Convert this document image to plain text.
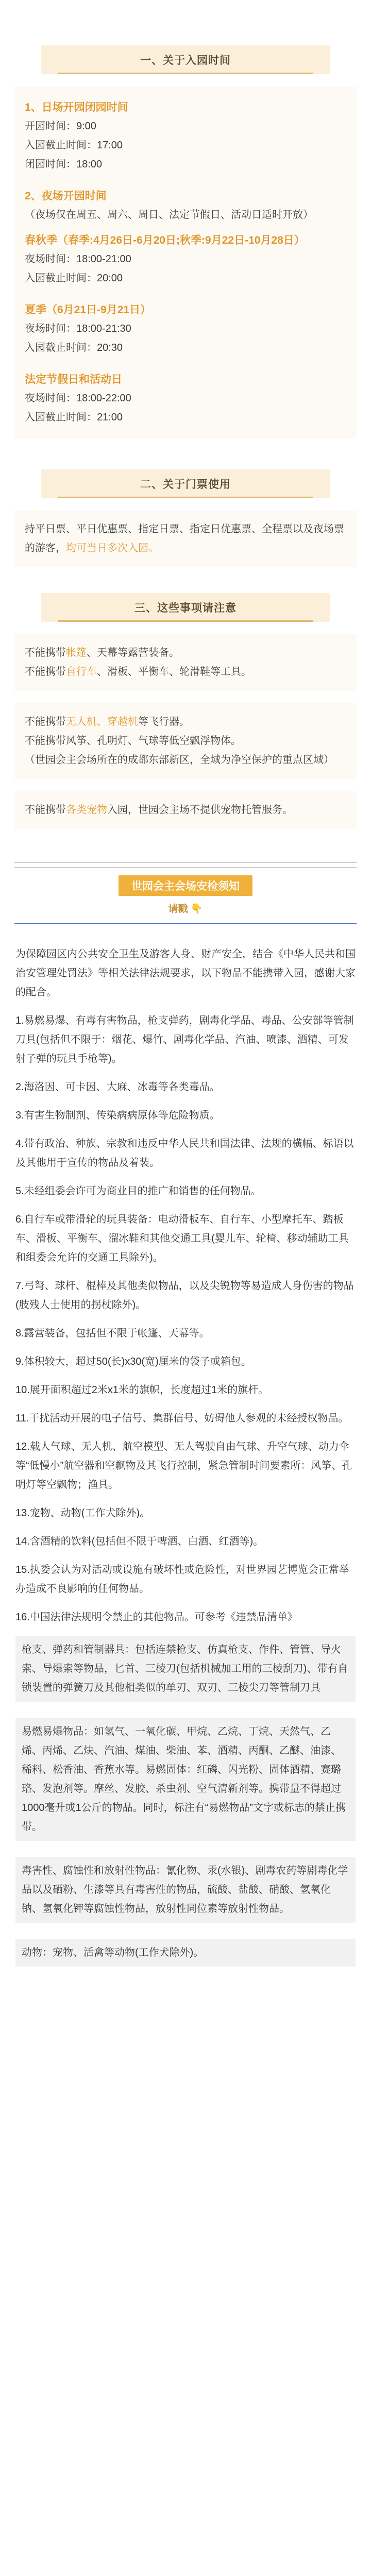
一、关于入园时间
1、日场开园闭园时间
开园时间：9:00
入园截止时间：17:00
闭园时间：18:00
2、夜场开园时间
（夜场仅在周五、周六、周日、法定节假日、活动日适时开放）
春秋季（春季:4月26日-6月20日;秋季:9月22日-10月28日）
夜场时间：18:00-21:00
入园截止时间：20:00
夏季（6月21日-9月21日）
夜场时间：18:00-21:30
入园截止时间：20:30
法定节假日和活动日
夜场时间：18:00-22:00
入园截止时间：21:00
二、关于门票使用
持平日票、平日优惠票、指定日票、指定日优惠票、全程票以及夜场票的游客，均可当日多次入园。
三、这些事项请注意
不能携带帐篷、天幕等露营装备。
不能携带自行车、滑板、平衡车、轮滑鞋等工具。
不能携带无人机、穿越机等飞行器。
不能携带风筝、孔明灯、气球等低空飘浮物体。
（世园会主会场所在的成都东部新区，全域为净空保护的重点区域）
不能携带各类宠物入园，世园会主场不提供宠物托管服务。
世园会主会场安检须知
请戳 👇

为保障园区内公共安全卫生及游客人身、财产安全，结合《中华人民共和国治安管理处罚法》等相关法律法规要求，以下物品不能携带入园，感谢大家的配合。

1.易燃易爆、有毒有害物品，枪支弹药，剧毒化学品、毒品、公安部等管制刀具(包括但不限于：烟花、爆竹、剧毒化学品、汽油、喷漆、酒精、可发射子弹的玩具手枪等)。

2.海洛因、可卡因、大麻、冰毒等各类毒品。

3.有害生物制剂、传染病病原体等危险物质。

4.带有政治、种族、宗教和违反中华人民共和国法律、法规的横幅、标语以及其他用于宣传的物品及着装。

5.未经组委会许可为商业目的推广和销售的任何物品。

6.自行车或带滑轮的玩具装备：电动滑板车、自行车、小型摩托车、踏板车、滑板、平衡车、溜冰鞋和其他交通工具(婴儿车、轮椅、移动辅助工具和组委会允许的交通工具除外)。

7.弓弩、球杆、棍棒及其他类似物品，以及尖锐物等易造成人身伤害的物品(肢残人士使用的拐杖除外)。

8.露营装备，包括但不限于帐篷、天幕等。

9.体积较大，超过50(长)x30(宽)厘米的袋子或箱包。

10.展开面积超过2米x1米的旗帜，长度超过1米的旗杆。

11.干扰活动开展的电子信号、集群信号、妨碍他人参观的未经授权物品。

12.载人气球、无人机、航空模型、无人驾驶自由气球、升空气球、动力伞等“低慢小”航空器和空飘物及其飞行控制，紧急管制时间要素所：风筝、孔明灯等空飘物；渔具。

13.宠物、动物(工作犬除外)。

14.含酒精的饮料(包括但不限于啤酒、白酒、红酒等)。

15.执委会认为对活动或设施有破坏性或危险性，对世界园艺博览会正常举办造成不良影响的任何物品。

16.中国法律法规明令禁止的其他物品。可参考《违禁品清单》

枪支、弹药和管制器具：包括连禁枪支、仿真枪支、作件、管管、导火索、导爆索等物品，匕首、三棱刀(包括机械加工用的三棱刮刀)、带有自锁装置的弹簧刀及其他相类似的单刃、双刃、三棱尖刀等管制刀具
易燃易爆物品：如氢气、一氧化碳、甲烷、乙烷、丁烷、天然气、乙烯、丙烯、乙炔、汽油、煤油、柴油、苯、酒精、丙酮、乙醚、油漆、稀料、松香油、香蕉水等。易燃固体：红磷、闪光粉、固体酒精、赛璐珞、发泡剂等。摩丝、发胶、杀虫剂、空气清新剂等。携带量不得超过1000毫升或1公斤的物品。同时，标注有“易燃物品”文字或标志的禁止携带。
毒害性、腐蚀性和放射性物品：氰化物、汞(水银)、剧毒农药等剧毒化学品以及硒粉、生漆等具有毒害性的物品，硫酸、盐酸、硝酸、氢氧化钠、氢氧化钾等腐蚀性物品，放射性同位素等放射性物品。
动物：宠物、活禽等动物(工作犬除外)。
